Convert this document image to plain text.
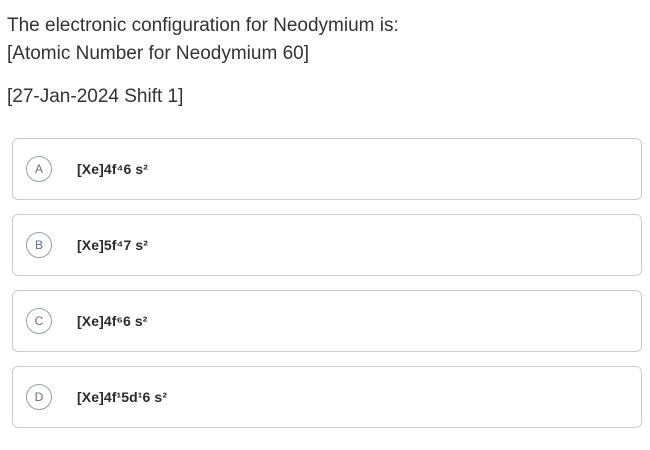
The electronic configuration for Neodymium is:
[Atomic Number for Neodymium 60]
[27-Jan-2024 Shift 1]
A	[Xe]4f⁴6 s²
B	[Xe]5f⁴7 s²
C	[Xe]4f⁶6 s²
D	[Xe]4f¹5d¹6 s²
